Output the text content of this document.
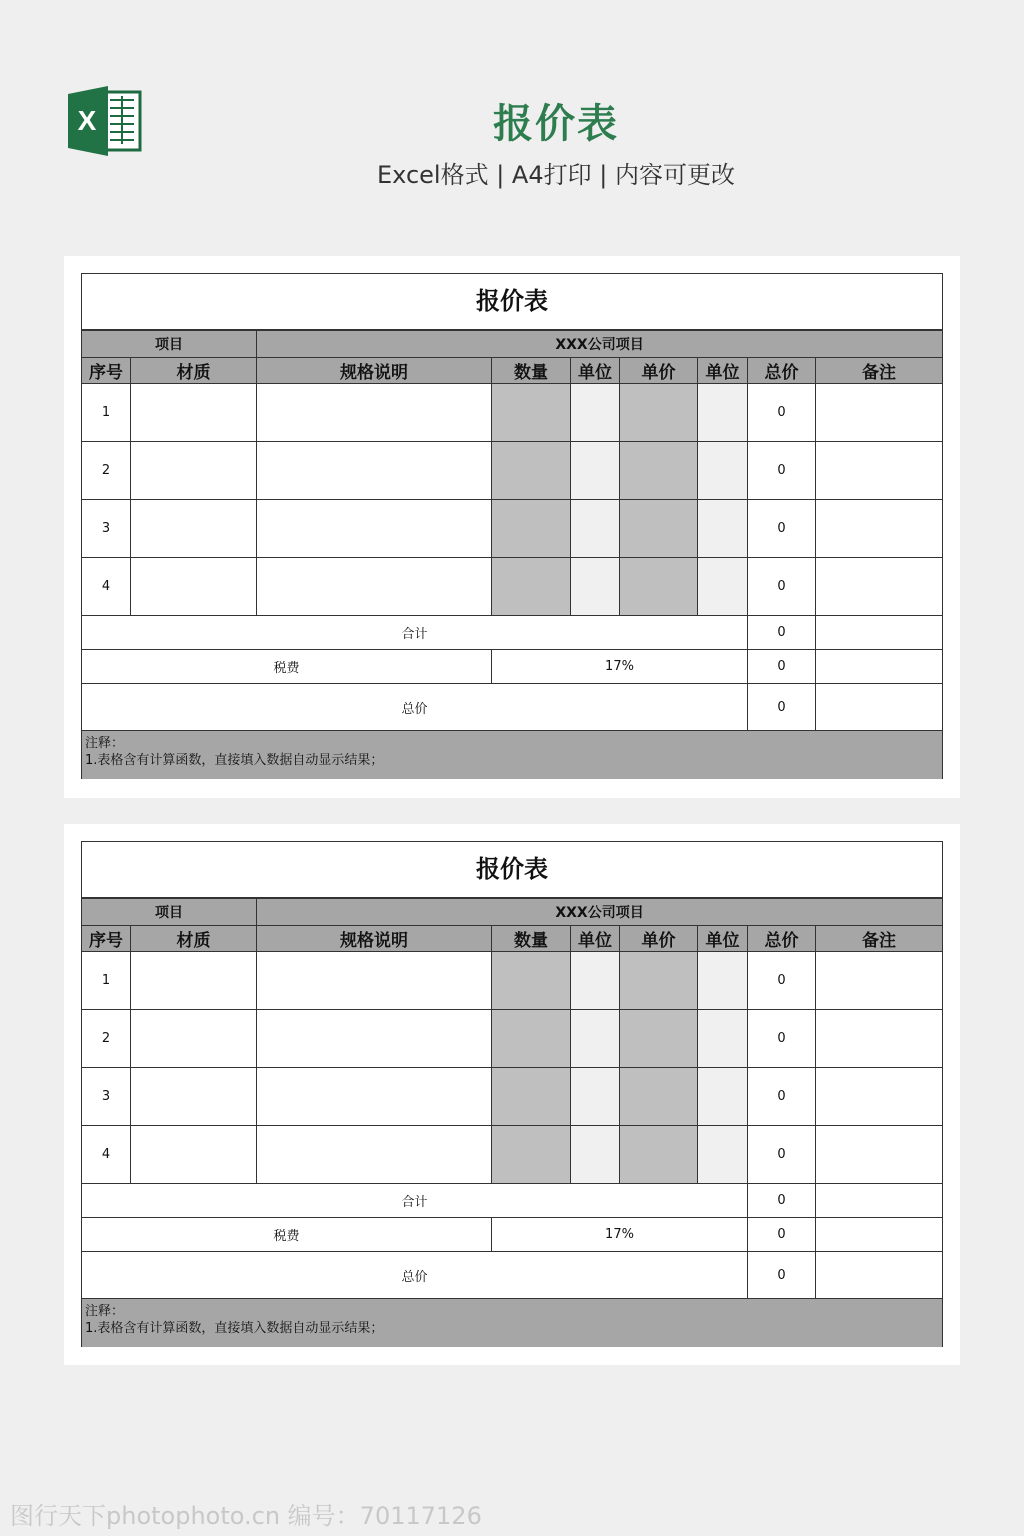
X	报价表
Excel格式 | A4打印 | 内容可更改
报价表
项目		XXX公司项目						
序号	材质	规格说明	数量	单位	单价	单位	总价	备注
1							0	
2							0	
3							0	
4							0	
合计							0	
税费			17%				0	
总价							0	
注释：
1.表格含有计算函数，直接填入数据自动显示结果；
报价表
项目		XXX公司项目						
序号	材质	规格说明	数量	单位	单价	单位	总价	备注
1							0	
2							0	
3							0	
4							0	
合计							0	
税费			17%				0	
总价							0	
注释：
1.表格含有计算函数，直接填入数据自动显示结果；
图行天下photophoto.cn 编号：70117126
